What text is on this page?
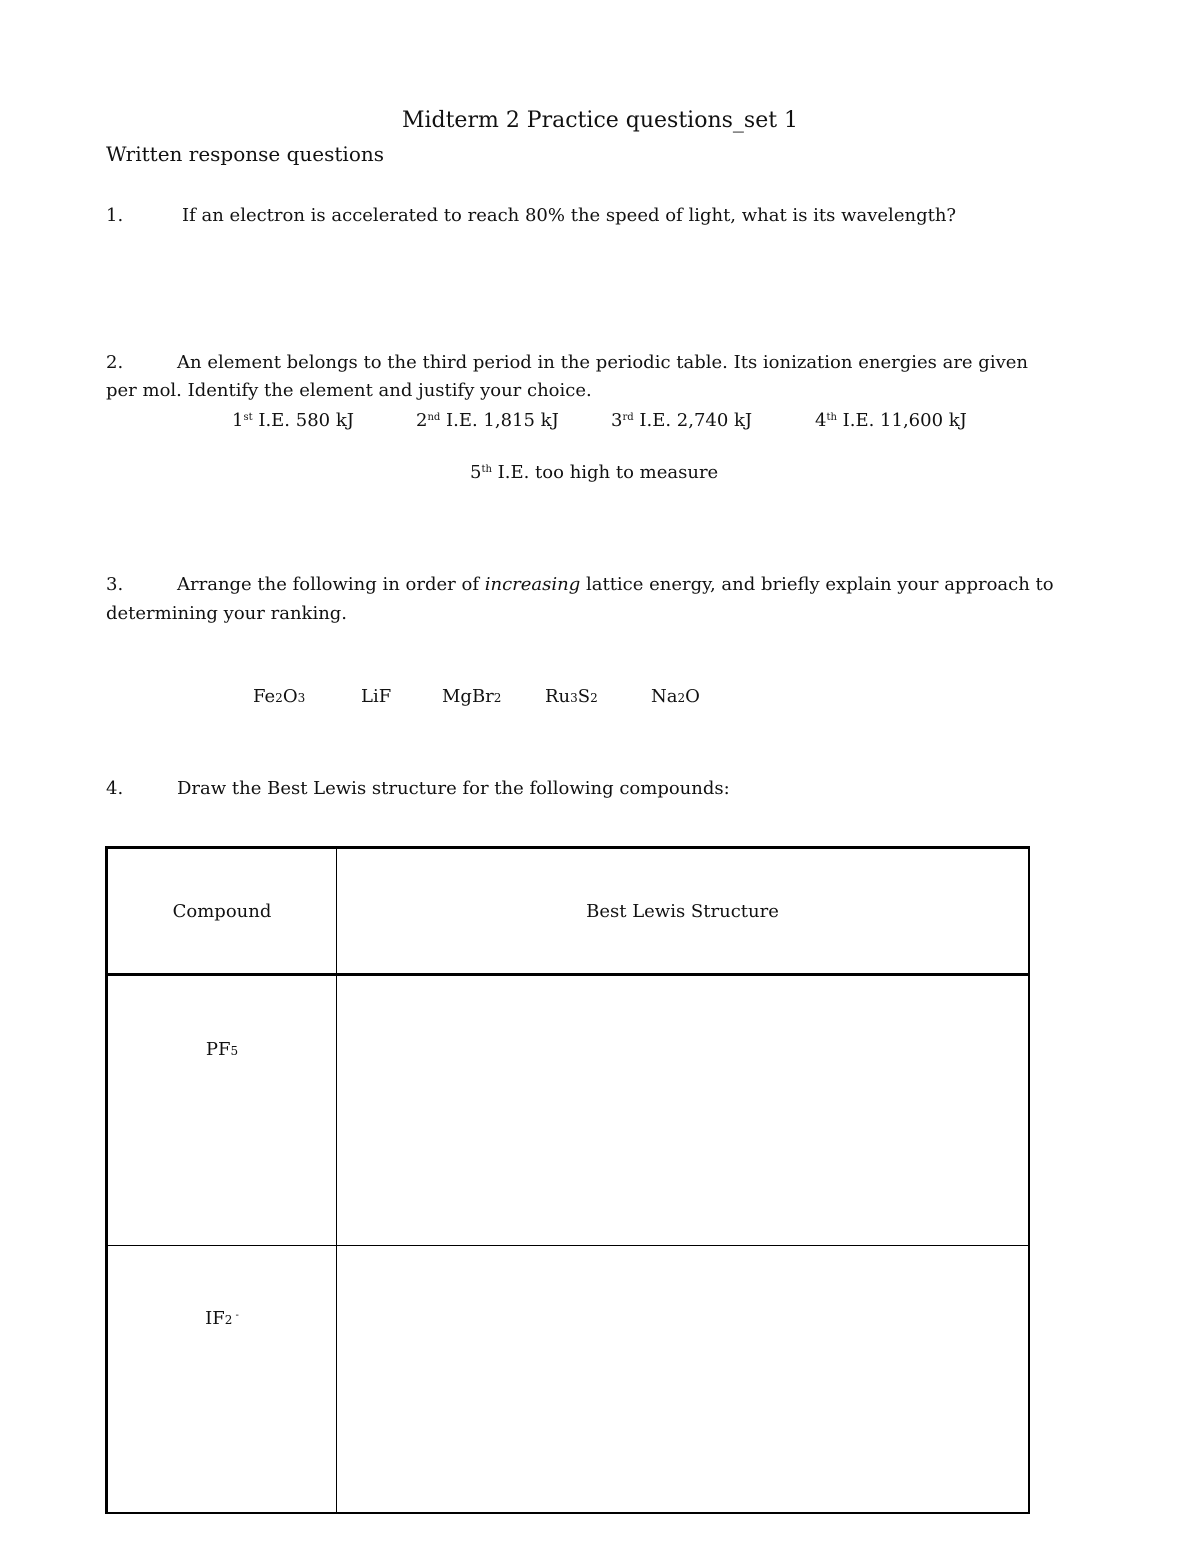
Midterm 2 Practice questions_set 1
Written response questions
1.	If an electron is accelerated to reach 80% the speed of light, what is its wavelength?
2.	An element belongs to the third period in the periodic table. Its ionization energies are given
per mol. Identify the element and justify your choice.
1st I.E. 580 kJ	2nd I.E. 1,815 kJ	3rd I.E. 2,740 kJ	4th I.E. 11,600 kJ
5th I.E. too high to measure
3.	Arrange the following in order of increasing lattice energy, and briefly explain your approach to
determining your ranking.
Fe2O3	LiF	MgBr2 Ru3S2	Na2O
4.	Draw the Best Lewis structure for the following compounds:
Compound	Best Lewis Structure
PF5	
IF2 -	
